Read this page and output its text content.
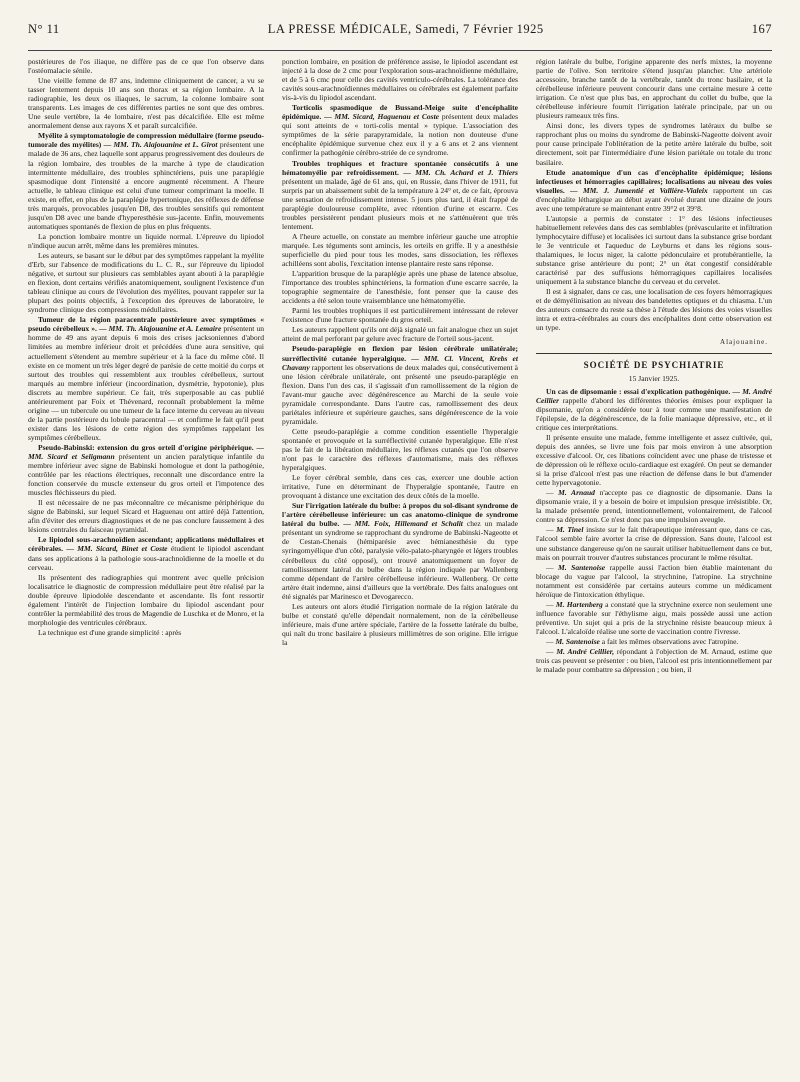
N° 11	LA PRESSE MÉDICALE, Samedi, 7 Février 1925	167

postérieures de l'os iliaque, ne diffère pas de ce que l'on observe dans l'ostéomalacie sénile.

Une vieille femme de 87 ans, indemne cliniquement de cancer, a vu se tasser lentement depuis 10 ans son thorax et sa région lombaire. A la radiographie, les deux os iliaques, le sacrum, la colonne lombaire sont transparents. Les images de ces différentes parties ne sont que des ombres. Une seule vertèbre, la 4e lombaire, n'est pas décalcifiée. Elle est même anormalement dense aux rayons X et paraît surcalcifiée.

Myélite à symptomatologie de compression médullaire (forme pseudo-tumorale des myélites) — MM. Th. Alajouanine et L. Girot présentent une malade de 36 ans, chez laquelle sont apparus progressivement des douleurs de la région lombaire, des troubles de la marche à type de claudication intermittente médullaire, des troubles sphinctériens, puis une paraplégie spasmodique dont l'intensité a encore augmenté récemment. A l'heure actuelle, le tableau clinique est celui d'une tumeur comprimant la moelle. Il existe, en effet, en plus de la paraplégie hypertonique, des réflexes de défense très marqués, provocables jusqu'en D8, des troubles sensitifs qui remontent jusqu'en D8 avec une bande d'hyperesthésie sus-jacente. Enfin, mouvements automatiques spontanés de flexion de plus en plus fréquents.

La ponction lombaire montre un liquide normal. L'épreuve du lipiodol n'indique aucun arrêt, même dans les premières minutes.

Les auteurs, se basant sur le début par des symptômes rappelant la myélite d'Erb, sur l'absence de modifications du L. C. R., sur l'épreuve du lipiodol négative, et surtout sur plusieurs cas semblables ayant abouti à la paraplégie en flexion, dont certains vérifiés anatomiquement, soulignent l'existence d'un tableau clinique au cours de l'évolution des myélites, pouvant rappeler sur la plupart des points objectifs, à l'exception des épreuves de laboratoire, le syndrome clinique des compressions médullaires.

Tumeur de la région paracentrale postérieure avec symptômes « pseudo cérébelleux ». — MM. Th. Alajouanine et A. Lemaire présentent un homme de 49 ans ayant depuis 6 mois des crises jacksoniennes d'abord limitées au membre inférieur droit et précédées d'une aura sensitive, qui actuellement s'étendent au membre supérieur et à la face du même côté. Il existe en ce moment un très léger degré de parésie de cette moitié du corps et surtout des troubles qui ressemblent aux troubles cérébelleux, surtout marqués au membre inférieur (incoordination, dysmétrie, hypotonie), plus discrets au membre supérieur. Ce fait, très superposable au cas publié antérieurement par Foix et Thévenard, reconnaît probablement la même origine — un tubercule ou une tumeur de la face interne du cerveau au niveau de la partie postérieure du lobule paracentral — et confirme le fait qu'il peut exister dans les lésions de cette région des symptômes rappelant les symptômes cérébelleux.

Pseudo-Babinski: extension du gros orteil d'origine périphérique. — MM. Sicard et Seligmann présentent un ancien paralytique infantile du membre inférieur avec signe de Babinski homologue et dont la pathogénie, contrôlée par les réactions électriques, reconnaît une discordance entre la fonction conservée du muscle extenseur du gros orteil et l'impotence des muscles fléchisseurs du pied.

Il est nécessaire de ne pas méconnaître ce mécanisme périphérique du signe de Babinski, sur lequel Sicard et Haguenau ont attiré déjà l'attention, afin d'éviter des erreurs diagnostiques et de ne pas conclure faussement à des lésions centrales du faisceau pyramidal.

Le lipiodol sous-arachnoïdien ascendant; applications médullaires et cérébrales. — MM. Sicard, Binet et Coste étudient le lipiodol ascendant dans ses applications à la pathologie sous-arachnoïdienne de la moelle et du cerveau.

Ils présentent des radiographies qui montrent avec quelle précision localisatrice le diagnostic de compression médullaire peut être réalisé par la double épreuve lipiodolée descendante et ascendante. Ils font ressortir également l'intérêt de l'injection lombaire du lipiodol ascendant pour contrôler la perméabilité des trous de Magendie de Luschka et de Monro, et la morphologie des ventricules cérébraux.

La technique est d'une grande simplicité : après

ponction lombaire, en position de préférence assise, le lipiodol ascendant est injecté à la dose de 2 cmc pour l'exploration sous-arachnoïdienne médullaire, et de 5 à 6 cmc pour celle des cavités ventriculo-cérébrales. La tolérance des cavités sous-arachnoïdiennes médullaires ou cérébrales est également parfaite vis-à-vis du lipiodol ascendant.

Torticolis spasmodique de Bussand-Meige suite d'encéphalite épidémique. — MM. Sicard, Haguenau et Coste présentent deux malades qui sont atteints de « torti-colis mental » typique. L'association des symptômes de la série parapyramidale, la notion non douteuse d'une encéphalite épidémique survenue chez eux il y a 6 ans et 2 ans viennent confirmer la pathogénie cérébro-striée de ce syndrome.

Troubles trophiques et fracture spontanée consécutifs à une hématomyélie par refroidissement. — MM. Ch. Achard et J. Thiers présentent un malade, âgé de 61 ans, qui, en Russie, dans l'hiver de 1911, fut surpris par un abaissement subit de la température à 24° et, de ce fait, éprouva une sensation de refroidissement intense. 5 jours plus tard, il était frappé de paraplégie douloureuse complète, avec rétention d'urine et escarre. Ces troubles persistèrent pendant plusieurs mois et ne s'atténuèrent que très lentement.

A l'heure actuelle, on constate au membre inférieur gauche une atrophie marquée. Les téguments sont amincis, les orteils en griffe. Il y a anesthésie superficielle du pied pour tous les modes, sans dissociation, les réflexes achilléens sont abolis, l'excitation intense plantaire reste sans réponse.

L'apparition brusque de la paraplégie après une phase de latence absolue, l'importance des troubles sphinctériens, la formation d'une escarre sacrée, la topographie segmentaire de l'anesthésie, font penser que la cause des accidents a été selon toute vraisemblance une hématomyélie.

Parmi les troubles trophiques il est particulièrement intéressant de relever l'existence d'une fracture spontanée du gros orteil.

Les auteurs rappellent qu'ils ont déjà signalé un fait analogue chez un sujet atteint de mal perforant par gelure avec fracture de l'orteil sous-jacent.

Pseudo-paraplégie en flexion par lésion cérébrale unilatérale; surréflectivité cutanée hyperalgique. — MM. Cl. Vincent, Krebs et Chavany rapportent les observations de deux malades qui, consécutivement à une lésion cérébrale unilatérale, ont présenté une pseudo-paraplégie en flexion. Dans l'un des cas, il s'agissait d'un ramollissement de la région de l'avant-mur gauche avec dégénérescence au Marchi de la seule voie pyramidale correspondante. Dans l'autre cas, ramollissement des deux pariétales inférieure et supérieure gauches, sans dégénérescence de la voie pyramidale.

Cette pseudo-paraplégie a comme condition essentielle l'hyperalgie spontanée et provoquée et la surréflectivité cutanée hyperalgique. Elle n'est pas le fait de la libération médullaire, les réflexes cutanés que l'on observe n'ont pas le caractère des réflexes d'automatisme, mais des réflexes hyperalgiques.

Le foyer cérébral semble, dans ces cas, exercer une double action irritative, l'une en déterminant de l'hyperalgie spontanée, l'autre en provoquant à distance une excitation des deux côtés de la moelle.

Sur l'irrigation latérale du bulbe: à propos du sol-disant syndrome de l'artère cérébelleuse inférieure: un cas anatomo-clinique de syndrome latéral du bulbe. — MM. Foix, Hillemand et Schalit chez un malade présentant un syndrome se rapprochant du syndrome de Babinski-Nageotte et de Cestan-Chenais (hémiparésie avec hémianesthésie du type syringomyélique d'un côté, paralysie vélo-palato-pharyngée et légers troubles cérébelleux du côté opposé), ont trouvé anatomiquement un foyer de ramollissement latéral du bulbe dans la région indiquée par Wallenberg comme dépendant de l'artère cérébelleuse inférieure. Wallenberg. Or cette artère était indemne, ainsi d'ailleurs que la vertébrale. Des faits analogues ont été signalés par Marinesco et Devogarecco.

Les auteurs ont alors étudié l'irrigation normale de la région latérale du bulbe et constaté qu'elle dépendait normalement, non de la cérébelleuse inférieure, mais d'une artère spéciale, l'artère de la fossette latérale du bulbe, qui naît du tronc basilaire à plusieurs millimètres de son origine. Elle irrigue la

région latérale du bulbe, l'origine apparente des nerfs mixtes, la moyenne partie de l'olive. Son territoire s'étend jusqu'au plancher. Une artériole accessoire, branche tantôt de la vertébrale, tantôt du tronc basilaire, et la cérébelleuse inférieure peuvent concourir dans une certaine mesure à cette irrigation. Ce n'est que plus bas, en approchant du collet du bulbe, que la cérébelleuse inférieure fournit l'irrigation latérale principale, par un ou plusieurs rameaux très fins.

Ainsi donc, les divers types de syndromes latéraux du bulbe se rapprochant plus ou moins du syndrome de Babinski-Nageotte doivent avoir pour cause principale l'oblitération de la petite artère latérale du bulbe, soit directement, soit par l'intermédiaire d'une lésion pariétale ou totale du tronc basilaire.

Etude anatomique d'un cas d'encéphalite épidémique; lésions infectieuses et hémorragies capillaires; localisations au niveau des voies visuelles. — MM. J. Jumentié et Vallière-Vialeix rapportent un cas d'encéphalite léthargique au début ayant évolué durant une dizaine de jours avec une température se maintenant entre 39°2 et 39°8.

L'autopsie a permis de constater : 1° des lésions infectieuses habituellement relevées dans des cas semblables (prévascularite et infiltration lymphocytaire diffuse) et localisées ici surtout dans la substance grise bordant le 3e ventricule et l'aqueduc de Leyburns et dans les régions sous-thalamiques, le locus niger, la calotte pédonculaire et protubérantielle, la substance grise antérieure du pont; 2° un état congestif considérable caractérisé par des suffusions hémorragiques capillaires localisées uniquement à la substance blanche du cerveau et du cervelet.

Il est à signaler, dans ce cas, une localisation de ces foyers hémorragiques et de démyélinisation au niveau des bandelettes optiques et du chiasma. L'un des auteurs consacre du reste sa thèse à l'étude des lésions des voies visuelles intra et extra-cérébrales au cours des encéphalites dont cette observation est un type.

Alajouanine.
SOCIÉTÉ DE PSYCHIATRIE
15 Janvier 1925.

Un cas de dipsomanie : essai d'explication pathogénique. — M. André Ceillier rappelle d'abord les différentes théories émises pour expliquer la dipsomanie, qu'on a considérée tour à tour comme une manifestation de l'épilepsie, de la dégénérescence, de la folie maniaque dépressive, etc., et il critique ces interprétations.

Il présente ensuite une malade, femme intelligente et assez cultivée, qui, depuis des années, se livre une fois par mois environ à une absorption excessive d'alcool. Or, ces libations coïncident avec une phase de tristesse et de dépression où le réflexe oculo-cardiaque est exagéré. On peut se demander si la prise d'alcool n'est pas une réaction de défense dans le but d'amender cette hypervagotonie.

— M. Arnaud n'accepte pas ce diagnostic de dipsomanie. Dans la dipsomanie vraie, il y a besoin de boire et impulsion presque irrésistible. Or, la malade présentée prend, intentionnellement, volontairement, de l'alcool contre sa dépression. Ce n'est donc pas une impulsion aveugle.

— M. Tinel insiste sur le fait thérapeutique intéressant que, dans ce cas, l'alcool semble faire avorter la crise de dépression. Sans doute, l'alcool est une substance dangereuse qu'on ne saurait utiliser habituellement dans ce but, mais on pourrait trouver d'autres substances procurant le même résultat.

— M. Santenoise rappelle aussi l'action bien établie maintenant du blocage du vague par l'alcool, la strychnine, l'atropine. La strychnine notamment est considérée par certains auteurs comme un médicament héroïque de l'intoxication éthylique.

— M. Hartenberg a constaté que la strychnine exerce non seulement une influence favorable sur l'éthylisme aigu, mais possède aussi une action préventive. Un sujet qui a pris de la strychnine résiste beaucoup mieux à l'alcool. L'alcaloïde réalise une sorte de vaccination contre l'ivresse.

— M. Santenoise a fait les mêmes observations avec l'atropine.

— M. André Ceillier, répondant à l'objection de M. Arnaud, estime que trois cas peuvent se présenter : ou bien, l'alcool est pris intentionnellement par le malade pour combattre sa dépression ; ou bien, il
